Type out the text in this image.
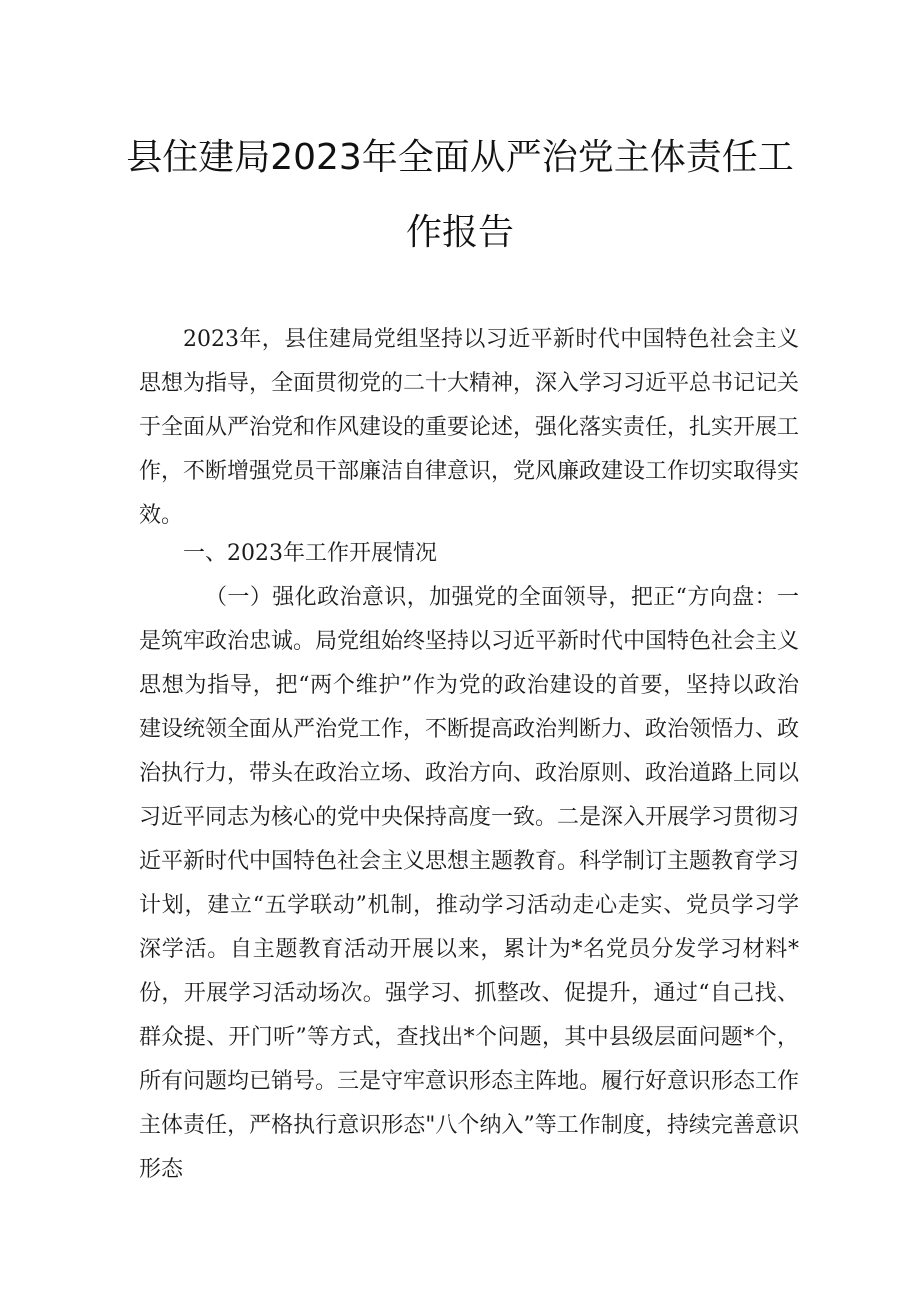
县住建局2023年全面从严治党主体责任工
作报告
2023年，县住建局党组坚持以习近平新时代中国特色社会主义思想为指导，全面贯彻党的二十大精神，深入学习习近平总书记记关于全面从严治党和作风建设的重要论述，强化落实责任，扎实开展工作，不断增强党员干部廉洁自律意识，党风廉政建设工作切实取得实效。
一、2023年工作开展情况
（一）强化政治意识，加强党的全面领导，把正“方向盘：一是筑牢政治忠诚。局党组始终坚持以习近平新时代中国特色社会主义思想为指导，把“两个维护”作为党的政治建设的首要，坚持以政治建设统领全面从严治党工作，不断提高政治判断力、政治领悟力、政治执行力，带头在政治立场、政治方向、政治原则、政治道路上同以习近平同志为核心的党中央保持高度一致。二是深入开展学习贯彻习近平新时代中国特色社会主义思想主题教育。科学制订主题教育学习计划，建立“五学联动”机制，推动学习活动走心走实、党员学习学深学活。自主题教育活动开展以来，累计为*名党员分发学习材料*份，开展学习活动场次。强学习、抓整改、促提升，通过“自己找、群众提、开门听”等方式，查找出*个问题，其中县级层面问题*个，所有问题均已销号。三是守牢意识形态主阵地。履行好意识形态工作主体责任，严格执行意识形态"八个纳入”等工作制度，持续完善意识形态
